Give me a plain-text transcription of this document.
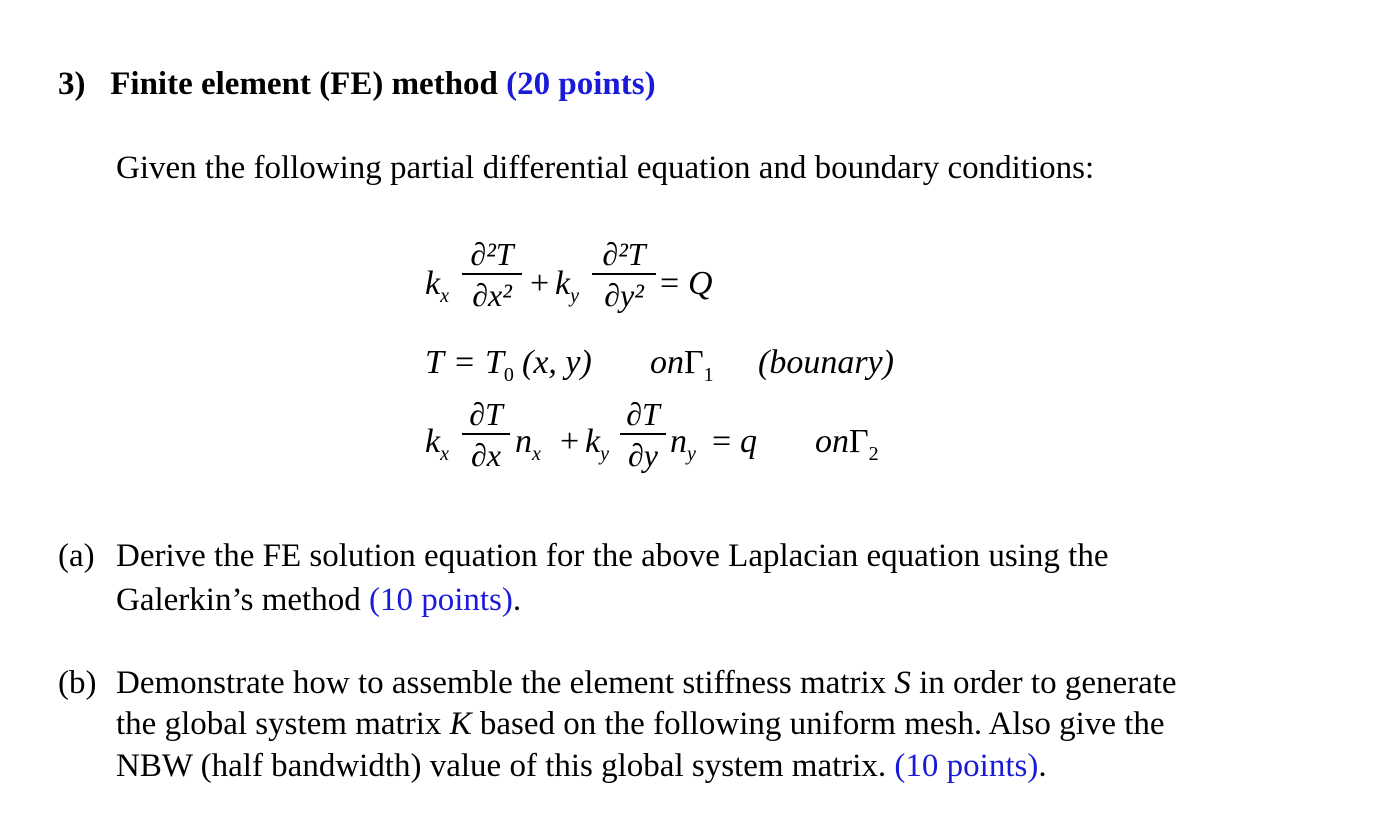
3) Finite element (FE) method (20 points)
Given the following partial differential equation and boundary conditions:
$k_x$
∂²T
$\partial x^2 + k_y$
∂²T
∂y² = Q
$T = T_0$ (x, y) onΓ$_1$ (bounary)
$k_x$
∂T
∂x $n_x + k_y$
∂T
∂y $n_y = q$ onΓ$_2$
(a) Derive the FE solution equation for the above Laplacian equation using the
Galerkin’s method (10 points).
(b) Demonstrate how to assemble the element stiffness matrix S in order to generate
the global system matrix K based on the following uniform mesh. Also give the
NBW (half bandwidth) value of this global system matrix. (10 points).
